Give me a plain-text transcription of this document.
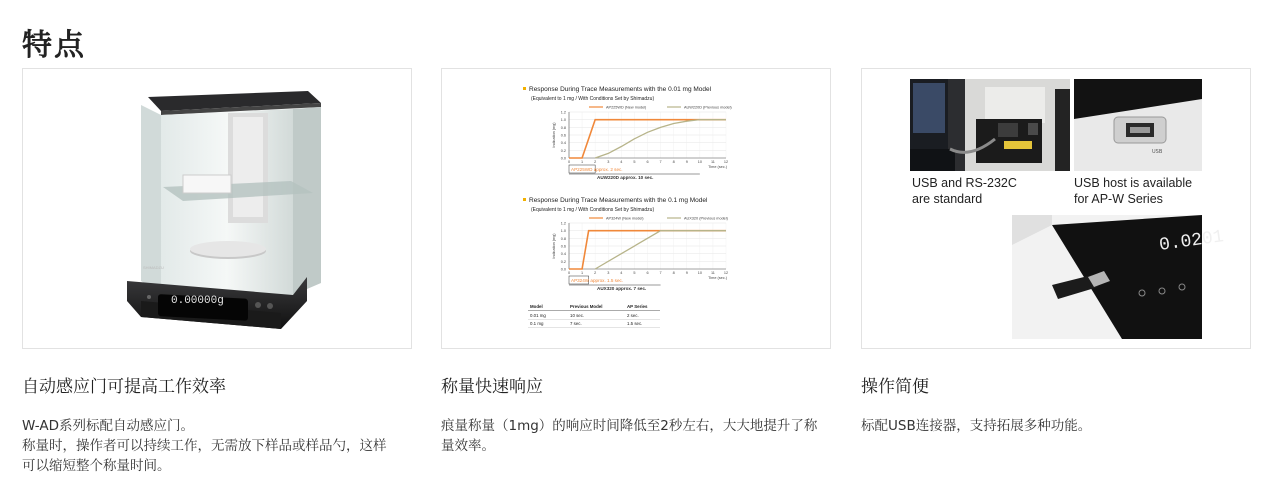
特点
0.00000g
SHIMADZU
Response During Trace Measurements with the 0.01 mg Model
(Equivalent to 1 mg / With Conditions Set by Shimadzu)
0.0
0.2
0.4
0.6
0.8
1.0
1.2
0	1	2	3	4	5	6	7	8	9	10 11 12
Indication (mg)
Time (sec.)
AP225WD (New model)	AUW220D (Previous model)
AP225WD approx. 2 sec.
AUW220D approx. 10 sec.
Response During Trace Measurements with the 0.1 mg Model
(Equivalent to 1 mg / With Conditions Set by Shimadzu)
0.0
0.2
0.4
0.6
0.8
1.0
1.2
0	1	2	3	4	5	6	7	8	9	10 11 12
Indication (mg)
Time (sec.)
AP324W (New model)	AUX320 (Previous model)
AP324W approx. 1.5 sec.
AUX320 approx. 7 sec.
Model	Previous Model	AP Series
0.01 mg	10 sec.	2 sec.
0.1 mg	7 sec.	1.5 sec.
USB
USB and RS-232C
are standard
USB host is available
for AP-W Series
0.0201
自动感应门可提高工作效率
W-AD系列标配自动感应门。
称量时，操作者可以持续工作，无需放下样品或样品勺，这样
可以缩短整个称量时间。
称量快速响应
痕量称量（1mg）的响应时间降低至2秒左右，大大地提升了称
量效率。
操作简便
标配USB连接器，支持拓展多种功能。
